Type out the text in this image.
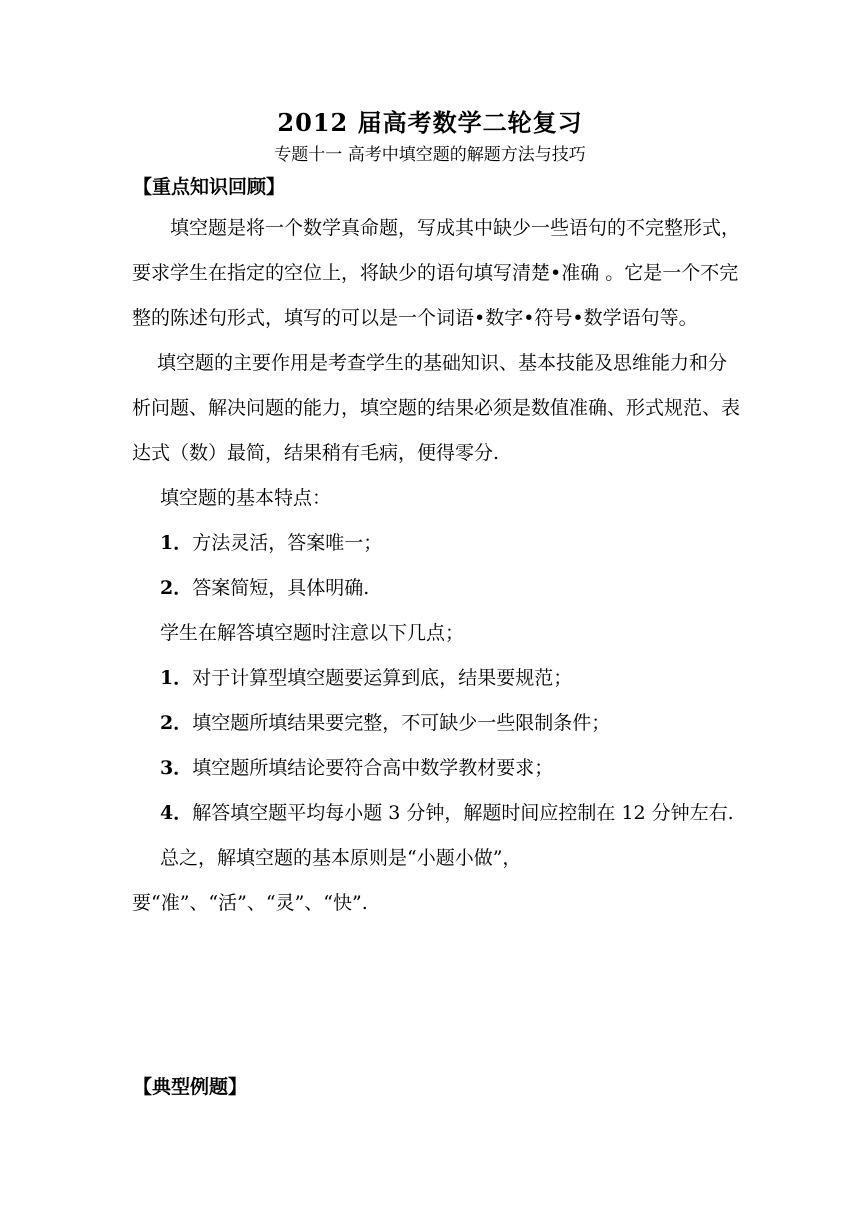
2012 届高考数学二轮复习
专题十一 高考中填空题的解题方法与技巧
【重点知识回顾】

填空题是将一个数学真命题，写成其中缺少一些语句的不完整形式，要求学生在指定的空位上，将缺少的语句填写清楚•准确 。它是一个不完整的陈述句形式，填写的可以是一个词语•数字•符号•数学语句等。

填空题的主要作用是考查学生的基础知识、基本技能及思维能力和分析问题、解决问题的能力，填空题的结果必须是数值准确、形式规范、表达式（数）最简，结果稍有毛病，便得零分.

填空题的基本特点：

1．方法灵活，答案唯一；

2．答案简短，具体明确.

学生在解答填空题时注意以下几点；

1．对于计算型填空题要运算到底，结果要规范；

2．填空题所填结果要完整，不可缺少一些限制条件；

3．填空题所填结论要符合高中数学教材要求；

4．解答填空题平均每小题 3 分钟，解题时间应控制在 12 分钟左右.

总之，解填空题的基本原则是“小题小做”，要“准”、“活”、“灵”、“快”.

【典型例题】
